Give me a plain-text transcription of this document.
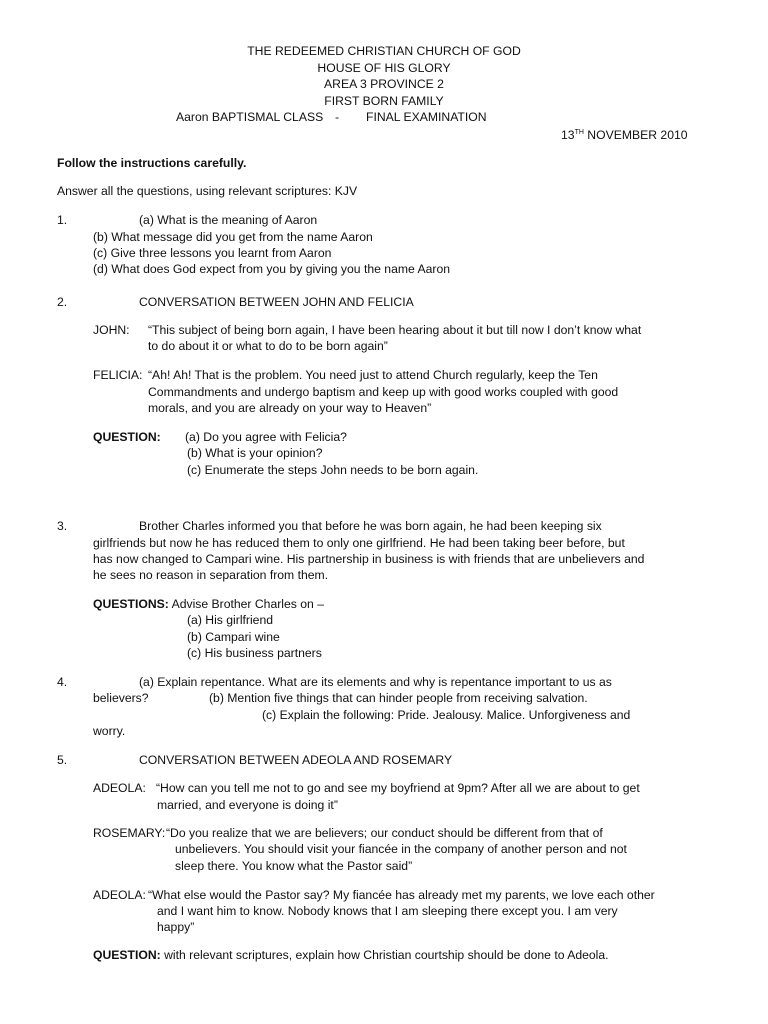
THE REDEEMED CHRISTIAN CHURCH OF GOD
HOUSE OF HIS GLORY
AREA 3 PROVINCE 2
FIRST BORN FAMILY
Aaron BAPTISMAL CLASS - FINAL EXAMINATION
13TH NOVEMBER 2010
Follow the instructions carefully.
Answer all the questions, using relevant scriptures: KJV
1.	(a) What is the meaning of Aaron
(b) What message did you get from the name Aaron
(c) Give three lessons you learnt from Aaron
(d) What does God expect from you by giving you the name Aaron
2.	CONVERSATION BETWEEN JOHN AND FELICIA
JOHN: “This subject of being born again, I have been hearing about it but till now I don’t know what
to do about it or what to do to be born again”
FELICIA: “Ah! Ah! That is the problem. You need just to attend Church regularly, keep the Ten
Commandments and undergo baptism and keep up with good works coupled with good
morals, and you are already on your way to Heaven”
QUESTION: (a) Do you agree with Felicia?
(b) What is your opinion?
(c) Enumerate the steps John needs to be born again.
3.	Brother Charles informed you that before he was born again, he had been keeping six
girlfriends but now he has reduced them to only one girlfriend. He had been taking beer before, but
has now changed to Campari wine. His partnership in business is with friends that are unbelievers and
he sees no reason in separation from them.
QUESTIONS: Advise Brother Charles on –
(a) His girlfriend
(b) Campari wine
(c) His business partners
4.	(a) Explain repentance. What are its elements and why is repentance important to us as
believers?	(b) Mention five things that can hinder people from receiving salvation.
(c) Explain the following: Pride. Jealousy. Malice. Unforgiveness and
worry.
5.	CONVERSATION BETWEEN ADEOLA AND ROSEMARY
ADEOLA: “How can you tell me not to go and see my boyfriend at 9pm? After all we are about to get
married, and everyone is doing it”
ROSEMARY: “Do you realize that we are believers; our conduct should be different from that of
unbelievers. You should visit your fiancée in the company of another person and not
sleep there. You know what the Pastor said”
ADEOLA: “What else would the Pastor say? My fiancée has already met my parents, we love each other
and I want him to know. Nobody knows that I am sleeping there except you. I am very
happy”
QUESTION: with relevant scriptures, explain how Christian courtship should be done to Adeola.
